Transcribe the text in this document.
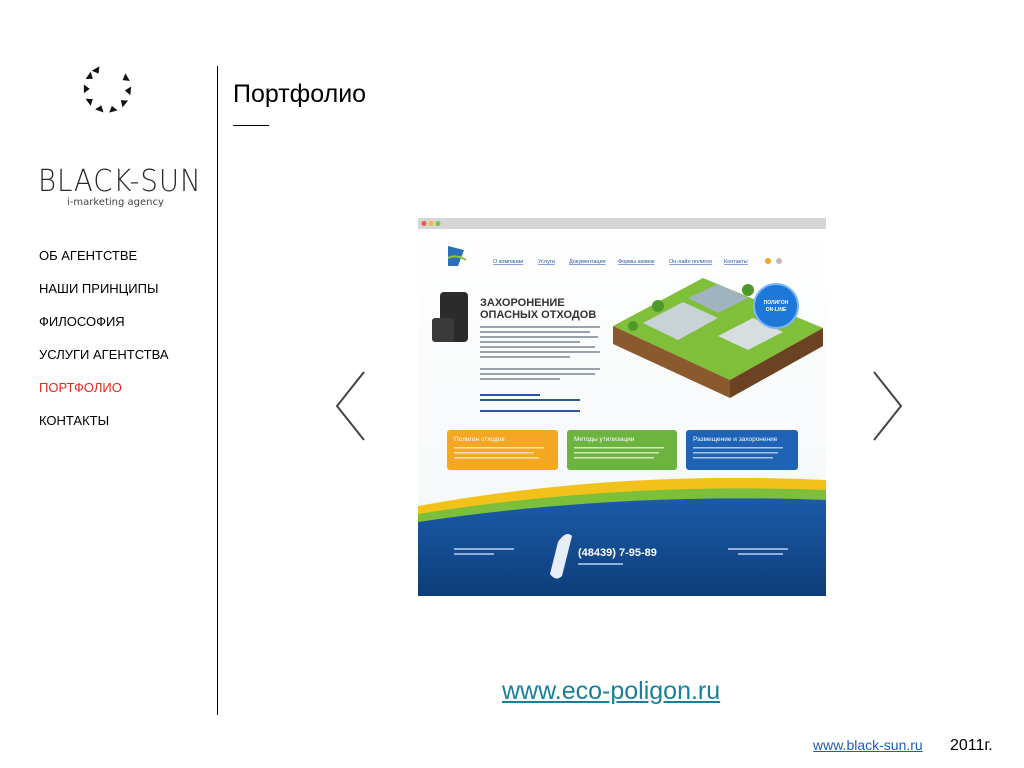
BLACK-SUN
i-marketing agency
ОБ АГЕНТСТВЕ
НАШИ ПРИНЦИПЫ
ФИЛОСОФИЯ
УСЛУГИ АГЕНТСТВА
ПОРТФОЛИО
КОНТАКТЫ
Портфолио
О компании	Услуги	Документация Формы заявок	Он-лайн полигон Контакты
ЗАХОРОНЕНИЕ
ОПАСНЫХ ОТХОДОВ
ПОЛИГОН
ON-LINE
Полигон отходов	Методы утилизации	Размещение и захоронение
(48439) 7-95-89
www.eco-poligon.ru
www.black-sun.ru 2011г.
